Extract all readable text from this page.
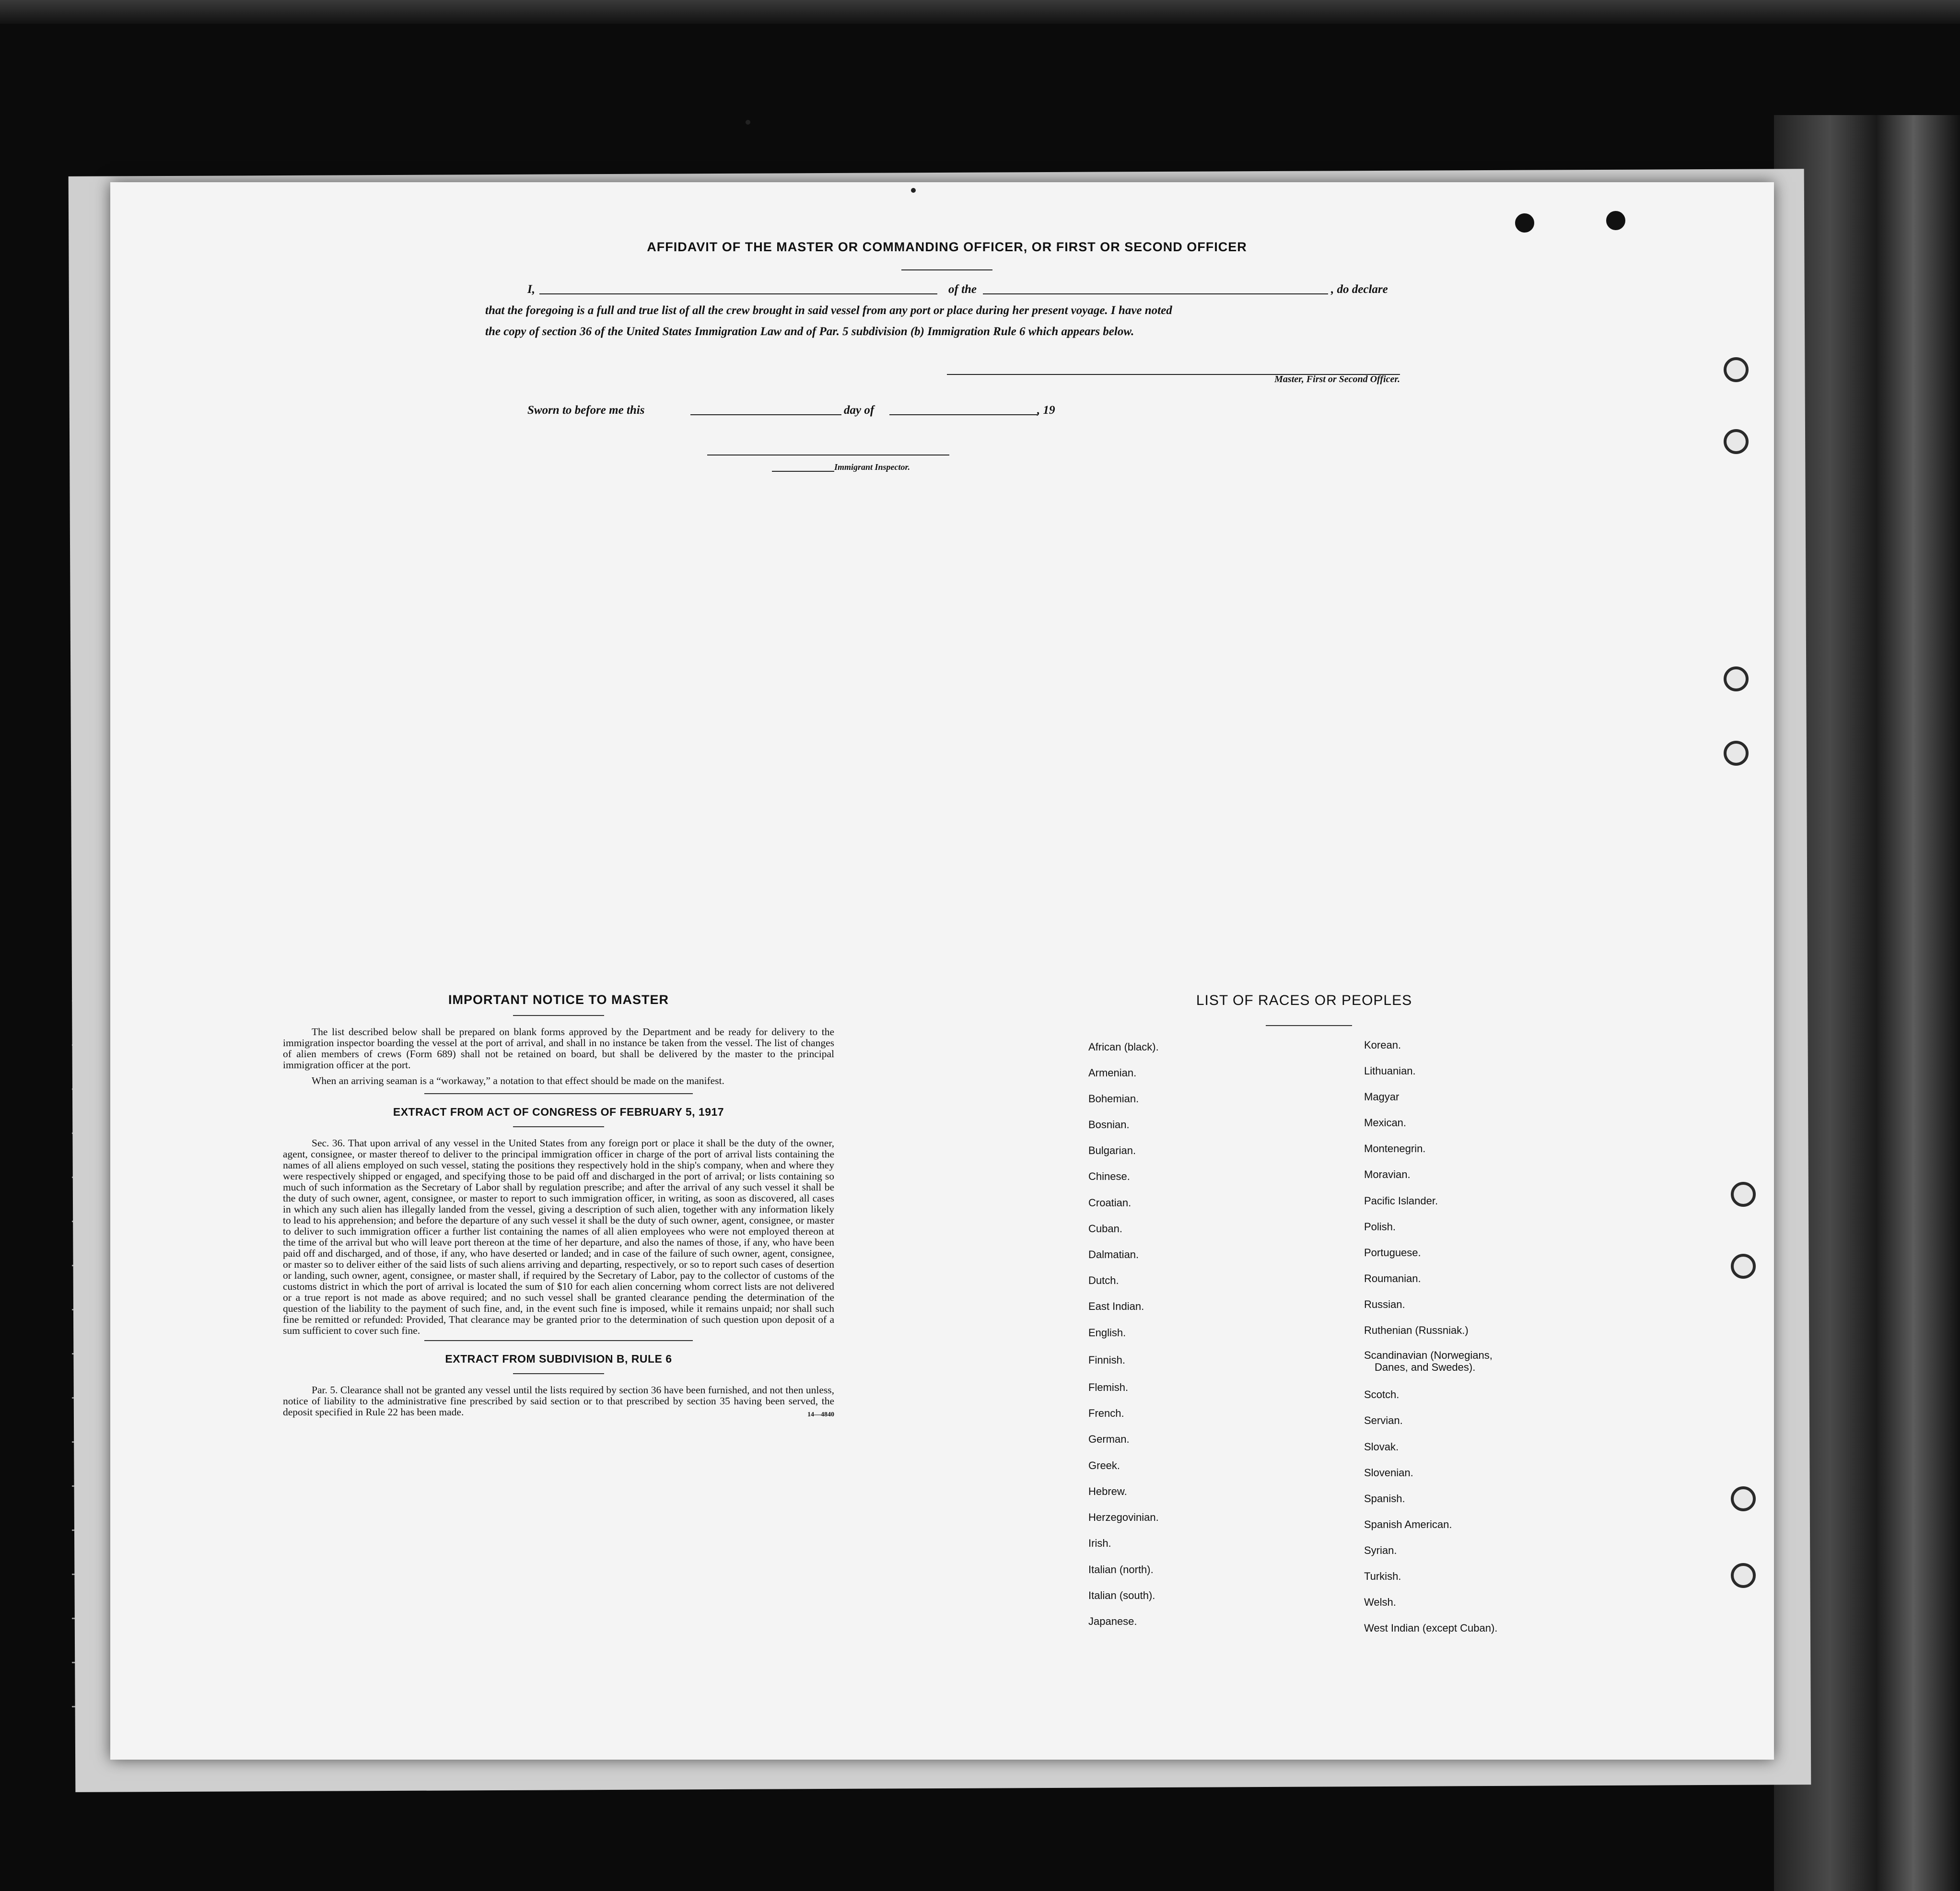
AFFIDAVIT OF THE MASTER OR COMMANDING OFFICER, OR FIRST OR SECOND OFFICER
I,	of the	, do declare
that the foregoing is a full and true list of all the crew brought in said vessel from any port or place during her present voyage. I have noted
the copy of section 36 of the United States Immigration Law and of Par. 5 subdivision (b) Immigration Rule 6 which appears below.
Master, First or Second Officer.
Sworn to before me this	day of	, 19
Immigrant Inspector.
IMPORTANT NOTICE TO MASTER

The list described below shall be prepared on blank forms approved by the Department and be ready for delivery to the immigration inspector boarding the vessel at the port of arrival, and shall in no instance be taken from the vessel. The list of changes of alien members of crews (Form 689) shall not be retained on board, but shall be delivered by the master to the principal immigration officer at the port.

When an arriving seaman is a “workaway,” a notation to that effect should be made on the manifest.

EXTRACT FROM ACT OF CONGRESS OF FEBRUARY 5, 1917

Sec. 36. That upon arrival of any vessel in the United States from any foreign port or place it shall be the duty of the owner, agent, consignee, or master thereof to deliver to the principal immigration officer in charge of the port of arrival lists containing the names of all aliens employed on such vessel, stating the positions they respectively hold in the ship's company, when and where they were respectively shipped or engaged, and specifying those to be paid off and discharged in the port of arrival; or lists containing so much of such information as the Secretary of Labor shall by regulation prescribe; and after the arrival of any such vessel it shall be the duty of such owner, agent, consignee, or master to report to such immigration officer, in writing, as soon as discovered, all cases in which any such alien has illegally landed from the vessel, giving a description of such alien, together with any information likely to lead to his apprehension; and before the departure of any such vessel it shall be the duty of such owner, agent, consignee, or master to deliver to such immigration officer a further list containing the names of all alien employees who were not employed thereon at the time of the arrival but who will leave port thereon at the time of her departure, and also the names of those, if any, who have been paid off and discharged, and of those, if any, who have deserted or landed; and in case of the failure of such owner, agent, consignee, or master so to deliver either of the said lists of such aliens arriving and departing, respectively, or so to report such cases of desertion or landing, such owner, agent, consignee, or master shall, if required by the Secretary of Labor, pay to the collector of customs of the customs district in which the port of arrival is located the sum of $10 for each alien concerning whom correct lists are not delivered or a true report is not made as above required; and no such vessel shall be granted clearance pending the determination of the question of the liability to the payment of such fine, and, in the event such fine is imposed, while it remains unpaid; nor shall such fine be remitted or refunded: Provided, That clearance may be granted prior to the determination of such question upon deposit of a sum sufficient to cover such fine.

EXTRACT FROM SUBDIVISION B, RULE 6

Par. 5. Clearance shall not be granted any vessel until the lists required by section 36 have been furnished, and not then unless, notice of liability to the administrative fine prescribed by said section or to that prescribed by section 35 having been served, the deposit specified in Rule 22 has been made.	14—4840
LIST OF RACES OR PEOPLES
African (black).
Armenian.
Bohemian.
Bosnian.
Bulgarian.
Chinese.
Croatian.
Cuban.
Dalmatian.
Dutch.
East Indian.
English.
Finnish.
Flemish.
French.
German.
Greek.
Hebrew.
Herzegovinian.
Irish.
Italian (north).
Italian (south).
Japanese.
Korean.
Lithuanian.
Magyar
Mexican.
Montenegrin.
Moravian.
Pacific Islander.
Polish.
Portuguese.
Roumanian.
Russian.
Ruthenian (Russniak.)
Scandinavian (Norwegians,
Danes, and Swedes).
Scotch.
Servian.
Slovak.
Slovenian.
Spanish.
Spanish American.
Syrian.
Turkish.
Welsh.
West Indian (except Cuban).
